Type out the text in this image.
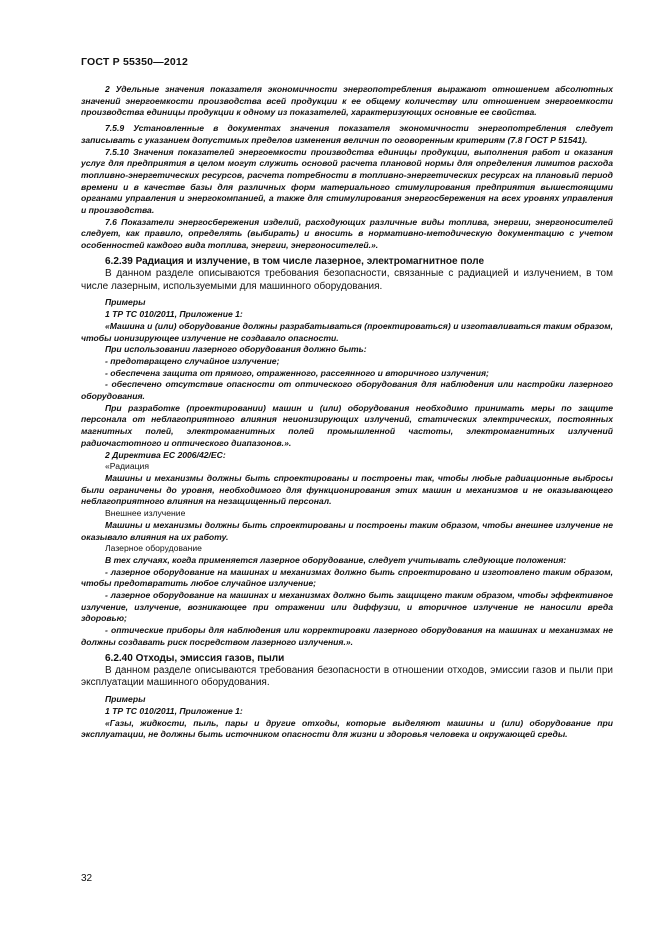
ГОСТ Р 55350—2012

2 Удельные значения показателя экономичности энергопотребления выражают отношением абсолютных значений энергоемкости производства всей продукции к ее общему количеству или отношением энергоемкости производства единицы продукции к одному из показателей, характеризующих основные ее свойства.

7.5.9 Установленные в документах значения показателя экономичности энергопотребления следует записывать с указанием допустимых пределов изменения величин по оговоренным критериям (7.8 ГОСТ Р 51541).

7.5.10 Значения показателей энергоемкости производства единицы продукции, выполнения работ и оказания услуг для предприятия в целом могут служить основой расчета плановой нормы для определения лимитов расхода топливно-энергетических ресурсов, расчета потребности в топливно-энергетических ресурсах на плановый период времени и в качестве базы для различных форм материального стимулирования предприятия вышестоящими органами управления и энергокомпанией, а также для стимулирования энергосбережения на всех уровнях управления и производства.

7.6 Показатели энергосбережения изделий, расходующих различные виды топлива, энергии, энергоносителей следует, как правило, определять (выбирать) и вносить в нормативно-методическую документацию с учетом особенностей каждого вида топлива, энергии, энергоносителей.».

6.2.39 Радиация и излучение, в том числе лазерное, электромагнитное поле

В данном разделе описываются требования безопасности, связанные с радиацией и излучением, в том числе лазерным, используемыми для машинного оборудования.

Примеры

1 ТР ТС 010/2011, Приложение 1:

«Машина и (или) оборудование должны разрабатываться (проектироваться) и изготавливаться таким образом, чтобы ионизирующее излучение не создавало опасности.

При использовании лазерного оборудования должно быть:

- предотвращено случайное излучение;

- обеспечена защита от прямого, отраженного, рассеянного и вторичного излучения;

- обеспечено отсутствие опасности от оптического оборудования для наблюдения или настройки лазерного оборудования.

При разработке (проектировании) машин и (или) оборудования необходимо принимать меры по защите персонала от неблагоприятного влияния неионизирующих излучений, статических электрических, постоянных магнитных полей, электромагнитных полей промышленной частоты, электромагнитных излучений радиочастотного и оптического диапазонов.».

2 Директива ЕС 2006/42/ЕС:

«Радиация

Машины и механизмы должны быть спроектированы и построены так, чтобы любые радиационные выбросы были ограничены до уровня, необходимого для функционирования этих машин и механизмов и не оказывающего неблагоприятного влияния на незащищенный персонал.

Внешнее излучение

Машины и механизмы должны быть спроектированы и построены таким образом, чтобы внешнее излучение не оказывало влияния на их работу.

Лазерное оборудование

В тех случаях, когда применяется лазерное оборудование, следует учитывать следующие положения:

- лазерное оборудование на машинах и механизмах должно быть спроектировано и изготовлено таким образом, чтобы предотвратить любое случайное излучение;

- лазерное оборудование на машинах и механизмах должно быть защищено таким образом, чтобы эффективное излучение, излучение, возникающее при отражении или диффузии, и вторичное излучение не наносили вреда здоровью;

- оптические приборы для наблюдения или корректировки лазерного оборудования на машинах и механизмах не должны создавать риск посредством лазерного излучения.».

6.2.40 Отходы, эмиссия газов, пыли

В данном разделе описываются требования безопасности в отношении отходов, эмиссии газов и пыли при эксплуатации машинного оборудования.

Примеры

1 ТР ТС 010/2011, Приложение 1:

«Газы, жидкости, пыль, пары и другие отходы, которые выделяют машины и (или) оборудование при эксплуатации, не должны быть источником опасности для жизни и здоровья человека и окружающей среды.

32
